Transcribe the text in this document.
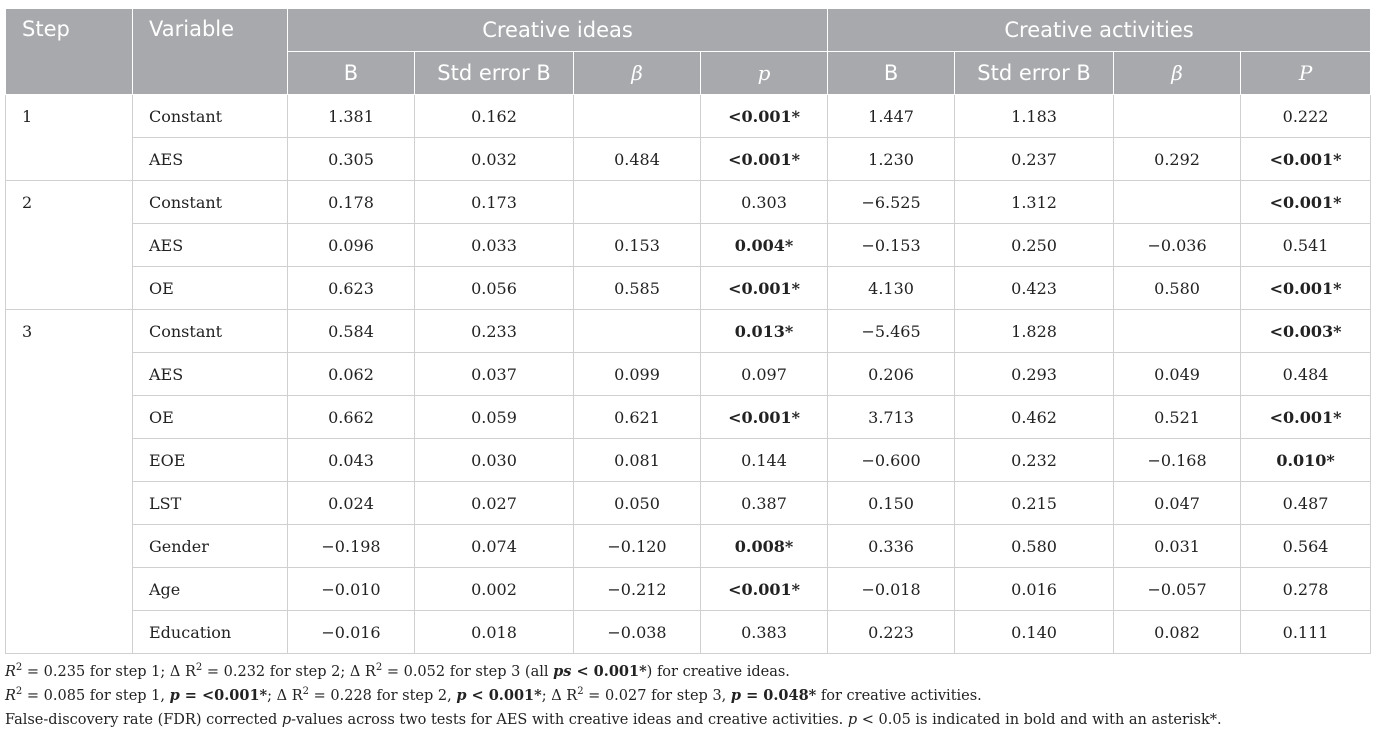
Step	Variable	Creative ideas				Creative activities			
		B	Std error B	β	p	B	Std error B	β	P
1	Constant	1.381	0.162		<0.001*	1.447	1.183		0.222
	AES	0.305	0.032	0.484	<0.001*	1.230	0.237	0.292	<0.001*
2	Constant	0.178	0.173		0.303	−6.525	1.312		<0.001*
	AES	0.096	0.033	0.153	0.004*	−0.153	0.250	−0.036	0.541
	OE	0.623	0.056	0.585	<0.001*	4.130	0.423	0.580	<0.001*
3	Constant	0.584	0.233		0.013*	−5.465	1.828		<0.003*
	AES	0.062	0.037	0.099	0.097	0.206	0.293	0.049	0.484
	OE	0.662	0.059	0.621	<0.001*	3.713	0.462	0.521	<0.001*
	EOE	0.043	0.030	0.081	0.144	−0.600	0.232	−0.168	0.010*
	LST	0.024	0.027	0.050	0.387	0.150	0.215	0.047	0.487
	Gender	−0.198	0.074	−0.120	0.008*	0.336	0.580	0.031	0.564
	Age	−0.010	0.002	−0.212	<0.001*	−0.018	0.016	−0.057	0.278
	Education	−0.016	0.018	−0.038	0.383	0.223	0.140	0.082	0.111

$R^2 = 0.235$ for step 1; Δ $R^2 = 0.232$ for step 2; Δ $R^2 = 0.052$ for step 3 (all ps < 0.001*) for creative ideas.

$R^2 = 0.085$ for step 1, p = <0.001*; Δ $R^2 = 0.228$ for step 2, p < 0.001*; Δ $R^2 = 0.027$ for step 3, p = 0.048* for creative activities.

False-discovery rate (FDR) corrected p-values across two tests for AES with creative ideas and creative activities. p < 0.05 is indicated in bold and with an asterisk*.
